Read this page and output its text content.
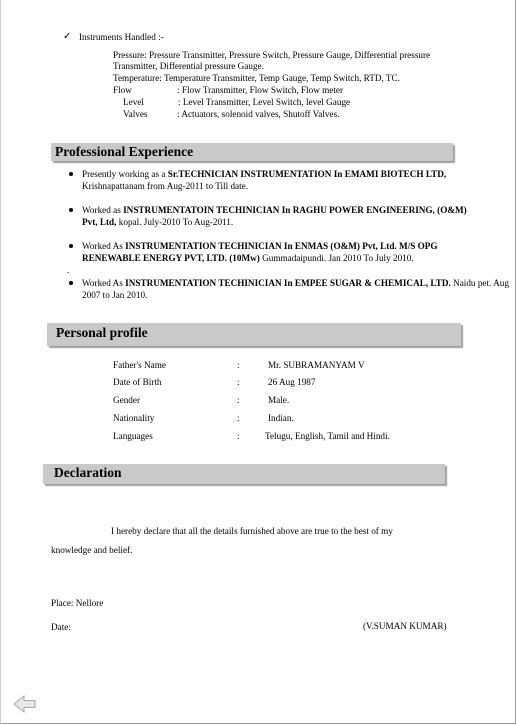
✓ Instruments Handled :-
Pressure: Pressure Transmitter, Pressure Switch, Pressure Gauge, Differential pressure
Transmitter, Differential pressure Gauge.
Temperature: Temperature Transmitter, Temp Gauge, Temp Switch, RTD, TC.
Flow	: Flow Transmitter, Flow Switch, Flow meter
Level	: Level Transmitter, Level Switch, level Gauge
Valves	: Actuators, solenoid valves, Shutoff Valves.
Professional Experience
Presently working as a Sr.TECHNICIAN INSTRUMENTATION In EMAMI BIOTECH LTD, Krishnapattanam from Aug-2011 to Till date.
Worked as INSTRUMENTATOIN TECHINICIAN In RAGHU POWER ENGINEERING, (O&M) Pvt, Ltd, kopal. July-2010 To Aug-2011.
Worked As INSTRUMENTATION TECHINICIAN In ENMAS (O&M) Pvt, Ltd. M/S OPG RENEWABLE ENERGY PVT, LTD. (10Mw) Gummadaipundi. Jan 2010 To July 2010.
.
Worked As INSTRUMENTATION TECHINICIAN In EMPEE SUGAR & CHEMICAL, LTD. Naidu pet. Aug 2007 to Jan 2010.
Personal profile
Father's Name	:	Mr. SUBRAMANYAM V
Date of Birth	:	26 Aug 1987
Gender	:	Male.
Nationality	:	Indian.
Languages	:	Telugu, English, Tamil and Hindi.
Declaration
I hereby declare that all the details furnished above are true to the best of my
knowledge and belief.
Place: Nellore
Date:	(V.SUMAN KUMAR)
